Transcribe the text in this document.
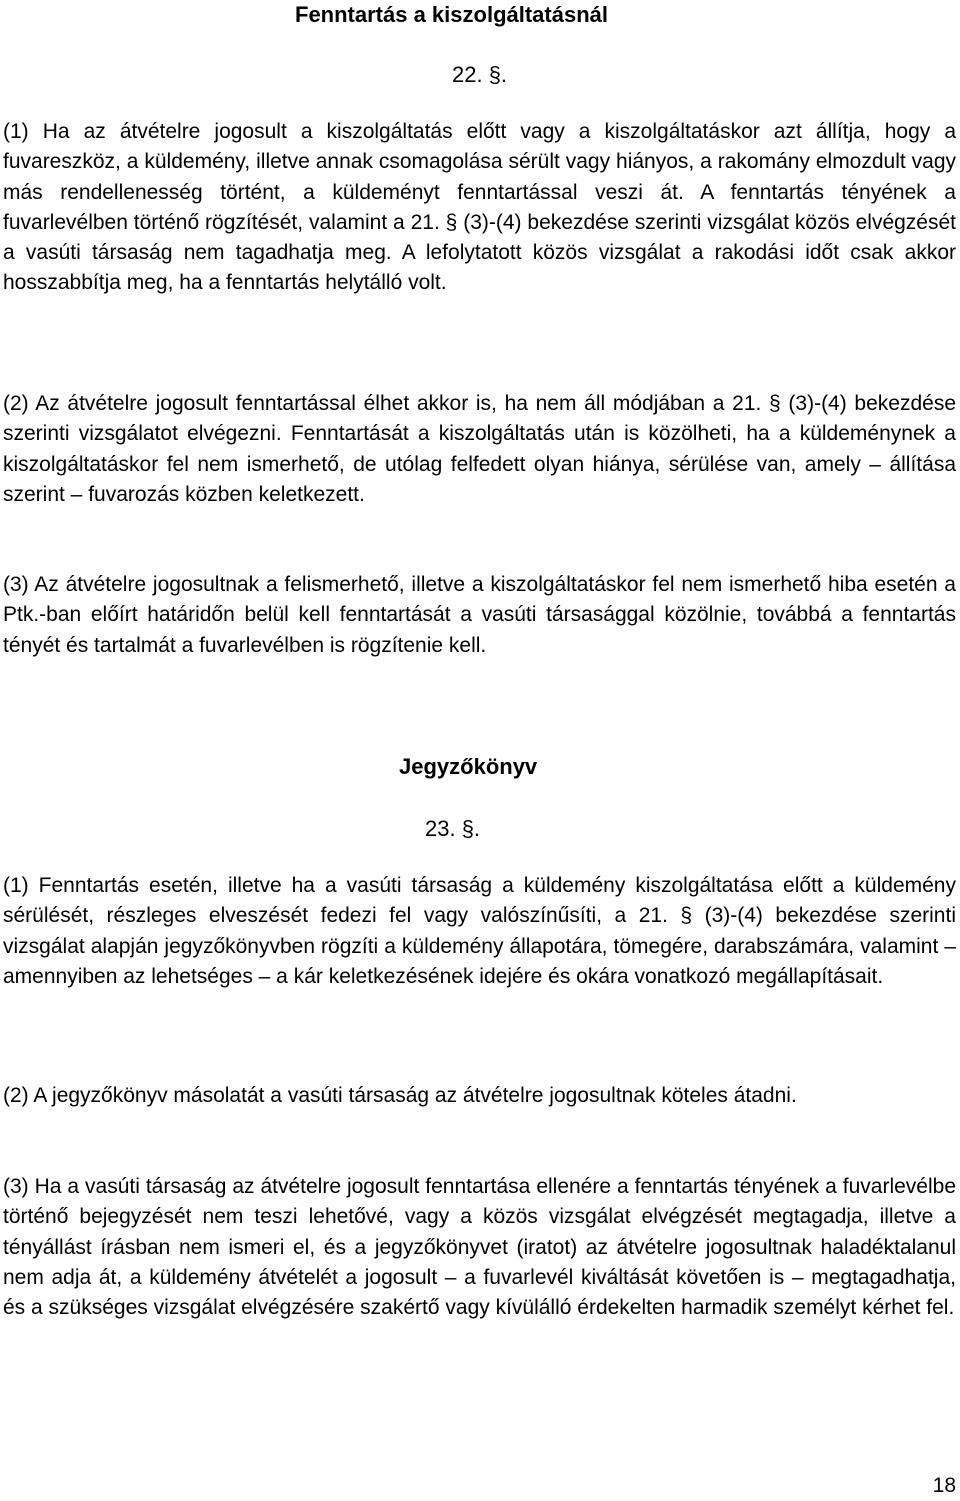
Fenntartás a kiszolgáltatásnál
22. §.

(1) Ha az átvételre jogosult a kiszolgáltatás előtt vagy a kiszolgáltatáskor azt állítja, hogy a fuvareszköz, a küldemény, illetve annak csomagolása sérült vagy hiányos, a rakomány elmozdult vagy más rendellenesség történt, a küldeményt fenntartással veszi át. A fenntartás tényének a fuvarlevélben történő rögzítését, valamint a 21. § (3)-(4) bekezdése szerinti vizsgálat közös elvégzését a vasúti társaság nem tagadhatja meg. A lefolytatott közös vizsgálat a rakodási időt csak akkor hosszabbítja meg, ha a fenntartás helytálló volt.

(2) Az átvételre jogosult fenntartással élhet akkor is, ha nem áll módjában a 21. § (3)-(4) bekezdése szerinti vizsgálatot elvégezni. Fenntartását a kiszolgáltatás után is közölheti, ha a küldeménynek a kiszolgáltatáskor fel nem ismerhető, de utólag felfedett olyan hiánya, sérülése van, amely – állítása szerint – fuvarozás közben keletkezett.

(3) Az átvételre jogosultnak a felismerhető, illetve a kiszolgáltatáskor fel nem ismerhető hiba esetén a Ptk.-ban előírt határidőn belül kell fenntartását a vasúti társasággal közölnie, továbbá a fenntartás tényét és tartalmát a fuvarlevélben is rögzítenie kell.

Jegyzőkönyv
23. §.

(1) Fenntartás esetén, illetve ha a vasúti társaság a küldemény kiszolgáltatása előtt a küldemény sérülését, részleges elveszését fedezi fel vagy valószínűsíti, a 21. § (3)-(4) bekezdése szerinti vizsgálat alapján jegyzőkönyvben rögzíti a küldemény állapotára, tömegére, darabszámára, valamint – amennyiben az lehetséges – a kár keletkezésének idejére és okára vonatkozó megállapításait.

(2) A jegyzőkönyv másolatát a vasúti társaság az átvételre jogosultnak köteles átadni.

(3) Ha a vasúti társaság az átvételre jogosult fenntartása ellenére a fenntartás tényének a fuvarlevélbe történő bejegyzését nem teszi lehetővé, vagy a közös vizsgálat elvégzését megtagadja, illetve a tényállást írásban nem ismeri el, és a jegyzőkönyvet (iratot) az átvételre jogosultnak haladéktalanul nem adja át, a küldemény átvételét a jogosult – a fuvarlevél kiváltását követően is – megtagadhatja, és a szükséges vizsgálat elvégzésére szakértő vagy kívülálló érdekelten harmadik személyt kérhet fel.

18
